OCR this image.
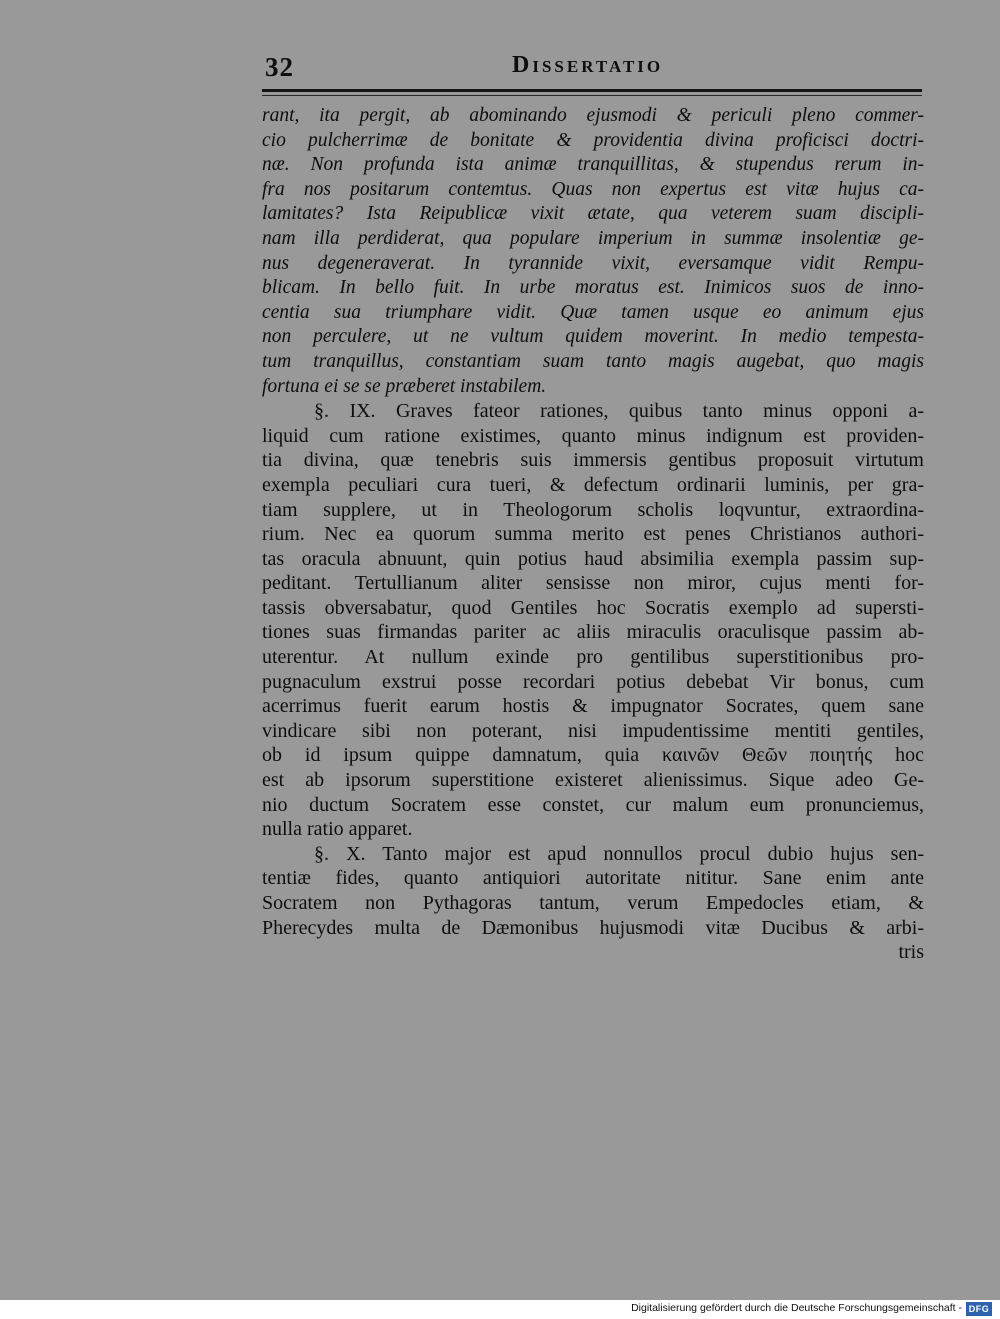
32	Dissertatio
rant, ita pergit, ab abominando ejusmodi & periculi pleno commer-
cio pulcherrimæ de bonitate & providentia divina proficisci doctri-
næ. Non profunda ista animæ tranquillitas, & stupendus rerum in-
fra nos positarum contemtus. Quas non expertus est vitæ hujus ca-
lamitates? Ista Reipublicæ vixit ætate, qua veterem suam discipli-
nam illa perdiderat, qua populare imperium in summæ insolentiæ ge-
nus degeneraverat. In tyrannide vixit, eversamque vidit Rempu-
blicam. In bello fuit. In urbe moratus est. Inimicos suos de inno-
centia sua triumphare vidit. Quæ tamen usque eo animum ejus
non perculere, ut ne vultum quidem moverint. In medio tempesta-
tum tranquillus, constantiam suam tanto magis augebat, quo magis
fortuna ei se se præberet instabilem.
§. IX. Graves fateor rationes, quibus tanto minus opponi a-
liquid cum ratione existimes, quanto minus indignum est providen-
tia divina, quæ tenebris suis immersis gentibus proposuit virtutum
exempla peculiari cura tueri, & defectum ordinarii luminis, per gra-
tiam supplere, ut in Theologorum scholis loqvuntur, extraordina-
rium. Nec ea quorum summa merito est penes Christianos authori-
tas oracula abnuunt, quin potius haud absimilia exempla passim sup-
peditant. Tertullianum aliter sensisse non miror, cujus menti for-
tassis obversabatur, quod Gentiles hoc Socratis exemplo ad supersti-
tiones suas firmandas pariter ac aliis miraculis oraculisque passim ab-
uterentur. At nullum exinde pro gentilibus superstitionibus pro-
pugnaculum exstrui posse recordari potius debebat Vir bonus, cum
acerrimus fuerit earum hostis & impugnator Socrates, quem sane
vindicare sibi non poterant, nisi impudentissime mentiti gentiles,
ob id ipsum quippe damnatum, quia καινῶν Θεῶν ποιητής hoc
est ab ipsorum superstitione existeret alienissimus. Sique adeo Ge-
nio ductum Socratem esse constet, cur malum eum pronunciemus,
nulla ratio apparet.
§. X. Tanto major est apud nonnullos procul dubio hujus sen-
tentiæ fides, quanto antiquiori autoritate nititur. Sane enim ante
Socratem non Pythagoras tantum, verum Empedocles etiam, &
Pherecydes multa de Dæmonibus hujusmodi vitæ Ducibus & arbi-
tris
Digitalisierung gefördert durch die Deutsche Forschungsgemeinschaft - DFG
